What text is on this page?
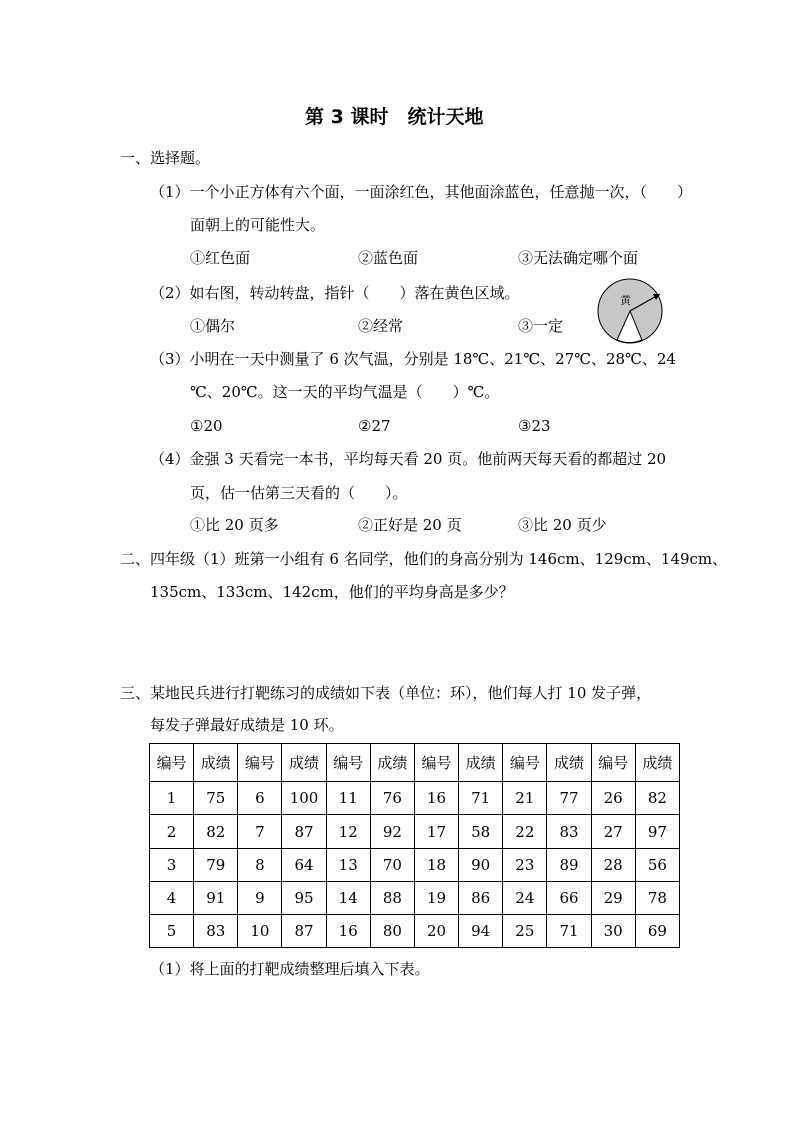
第 3 课时　统计天地
一、选择题。
（1）一个小正方体有六个面，一面涂红色，其他面涂蓝色，任意抛一次，（　　）
面朝上的可能性大。
①红色面	②蓝色面	③无法确定哪个面
（2）如右图，转动转盘，指针（　　）落在黄色区域。
①偶尔	②经常	③一定
黄
（3）小明在一天中测量了 6 次气温，分别是 18℃、21℃、27℃、28℃、24
℃、20℃。这一天的平均气温是（　　）℃。
①20	②27	③23
（4）金强 3 天看完一本书，平均每天看 20 页。他前两天每天看的都超过 20
页，估一估第三天看的（　　）。
①比 20 页多	②正好是 20 页	③比 20 页少
二、四年级（1）班第一小组有 6 名同学，他们的身高分别为 146cm、129cm、149cm、
135cm、133cm、142cm，他们的平均身高是多少？
三、某地民兵进行打靶练习的成绩如下表（单位：环），他们每人打 10 发子弹，
每发子弹最好成绩是 10 环。
编号	成绩	编号	成绩	编号	成绩	编号	成绩	编号	成绩	编号	成绩
1	75	6	100	11	76	16	71	21	77	26	82
2	82	7	87	12	92	17	58	22	83	27	97
3	79	8	64	13	70	18	90	23	89	28	56
4	91	9	95	14	88	19	86	24	66	29	78
5	83	10	87	16	80	20	94	25	71	30	69
（1）将上面的打靶成绩整理后填入下表。
